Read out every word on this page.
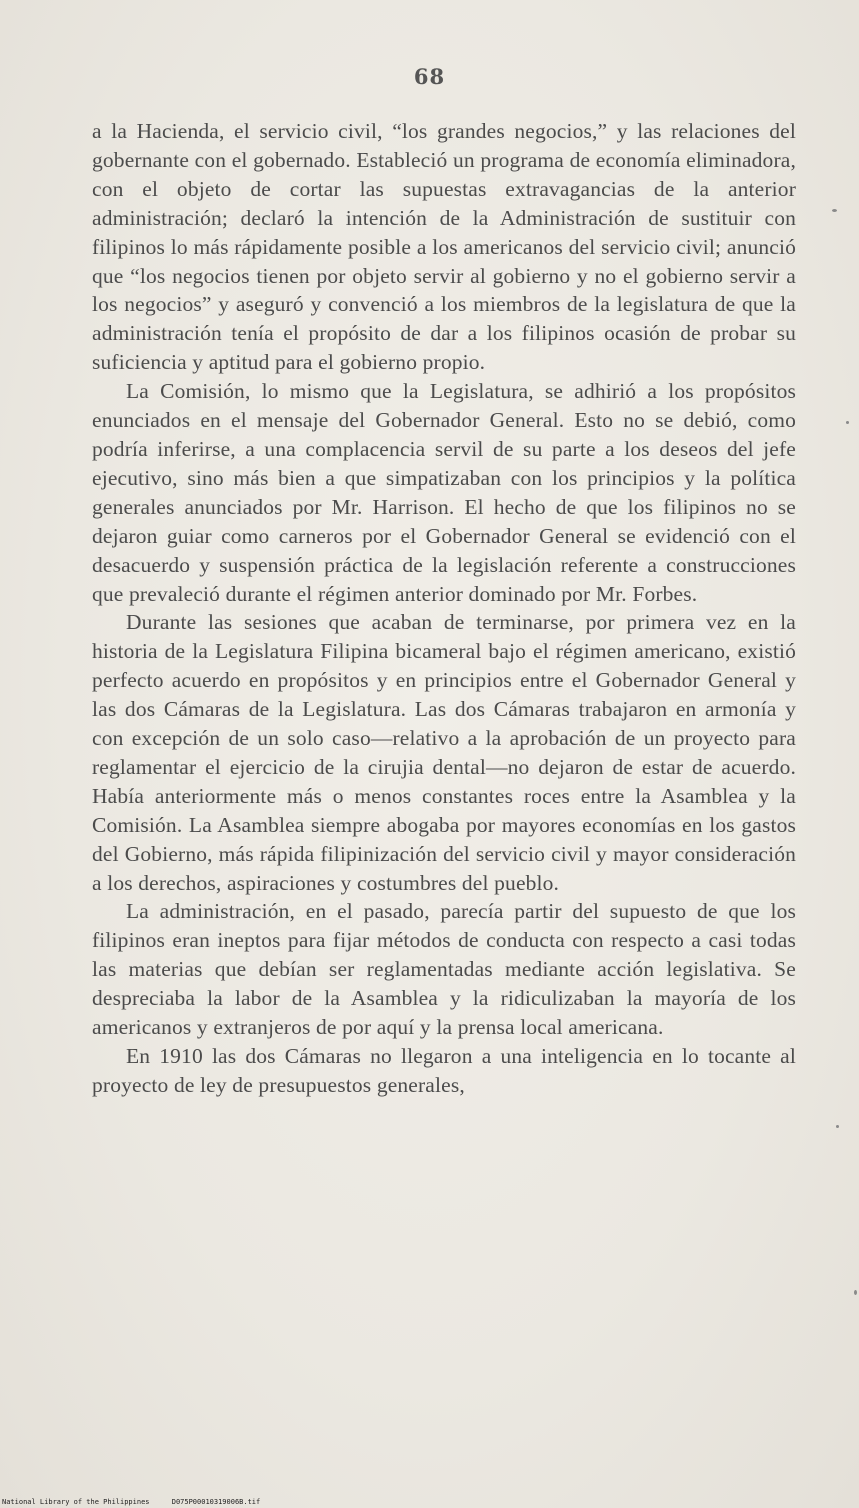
68

a la Hacienda, el servicio civil, “los grandes negocios,” y las relaciones del gobernante con el gobernado. Estableció un programa de economía eliminadora, con el objeto de cortar las supuestas extravagancias de la anterior administración; declaró la intención de la Administración de sustituir con filipinos lo más rápidamente posible a los americanos del servicio civil; anunció que “los negocios tienen por objeto servir al gobierno y no el gobierno servir a los negocios” y aseguró y convenció a los miembros de la legislatura de que la administración tenía el propósito de dar a los filipinos ocasión de probar su suficiencia y aptitud para el gobierno propio.

La Comisión, lo mismo que la Legislatura, se adhirió a los propósitos enunciados en el mensaje del Gobernador General. Esto no se debió, como podría inferirse, a una complacencia servil de su parte a los deseos del jefe ejecutivo, sino más bien a que simpatizaban con los principios y la política generales anunciados por Mr. Harrison. El hecho de que los filipinos no se dejaron guiar como carneros por el Gobernador General se evidenció con el desacuerdo y suspensión práctica de la legislación referente a construcciones que prevaleció durante el régimen anterior dominado por Mr. Forbes.

Durante las sesiones que acaban de terminarse, por primera vez en la historia de la Legislatura Filipina bicameral bajo el régimen americano, existió perfecto acuerdo en propósitos y en principios entre el Gobernador General y las dos Cámaras de la Legislatura. Las dos Cámaras trabajaron en armonía y con excepción de un solo caso—relativo a la aprobación de un proyecto para reglamentar el ejercicio de la cirujia dental—no dejaron de estar de acuerdo. Había anteriormente más o menos constantes roces entre la Asamblea y la Comisión. La Asamblea siempre abogaba por mayores economías en los gastos del Gobierno, más rápida filipinización del servicio civil y mayor consideración a los derechos, aspiraciones y costumbres del pueblo.

La administración, en el pasado, parecía partir del supuesto de que los filipinos eran ineptos para fijar métodos de conducta con respecto a casi todas las materias que debían ser reglamentadas mediante acción legislativa. Se despreciaba la labor de la Asamblea y la ridiculizaban la mayoría de los americanos y extranjeros de por aquí y la prensa local americana.

En 1910 las dos Cámaras no llegaron a una inteligencia en lo tocante al proyecto de ley de presupuestos generales,

National Library of the Philippines	D075P00010319006B.tif
